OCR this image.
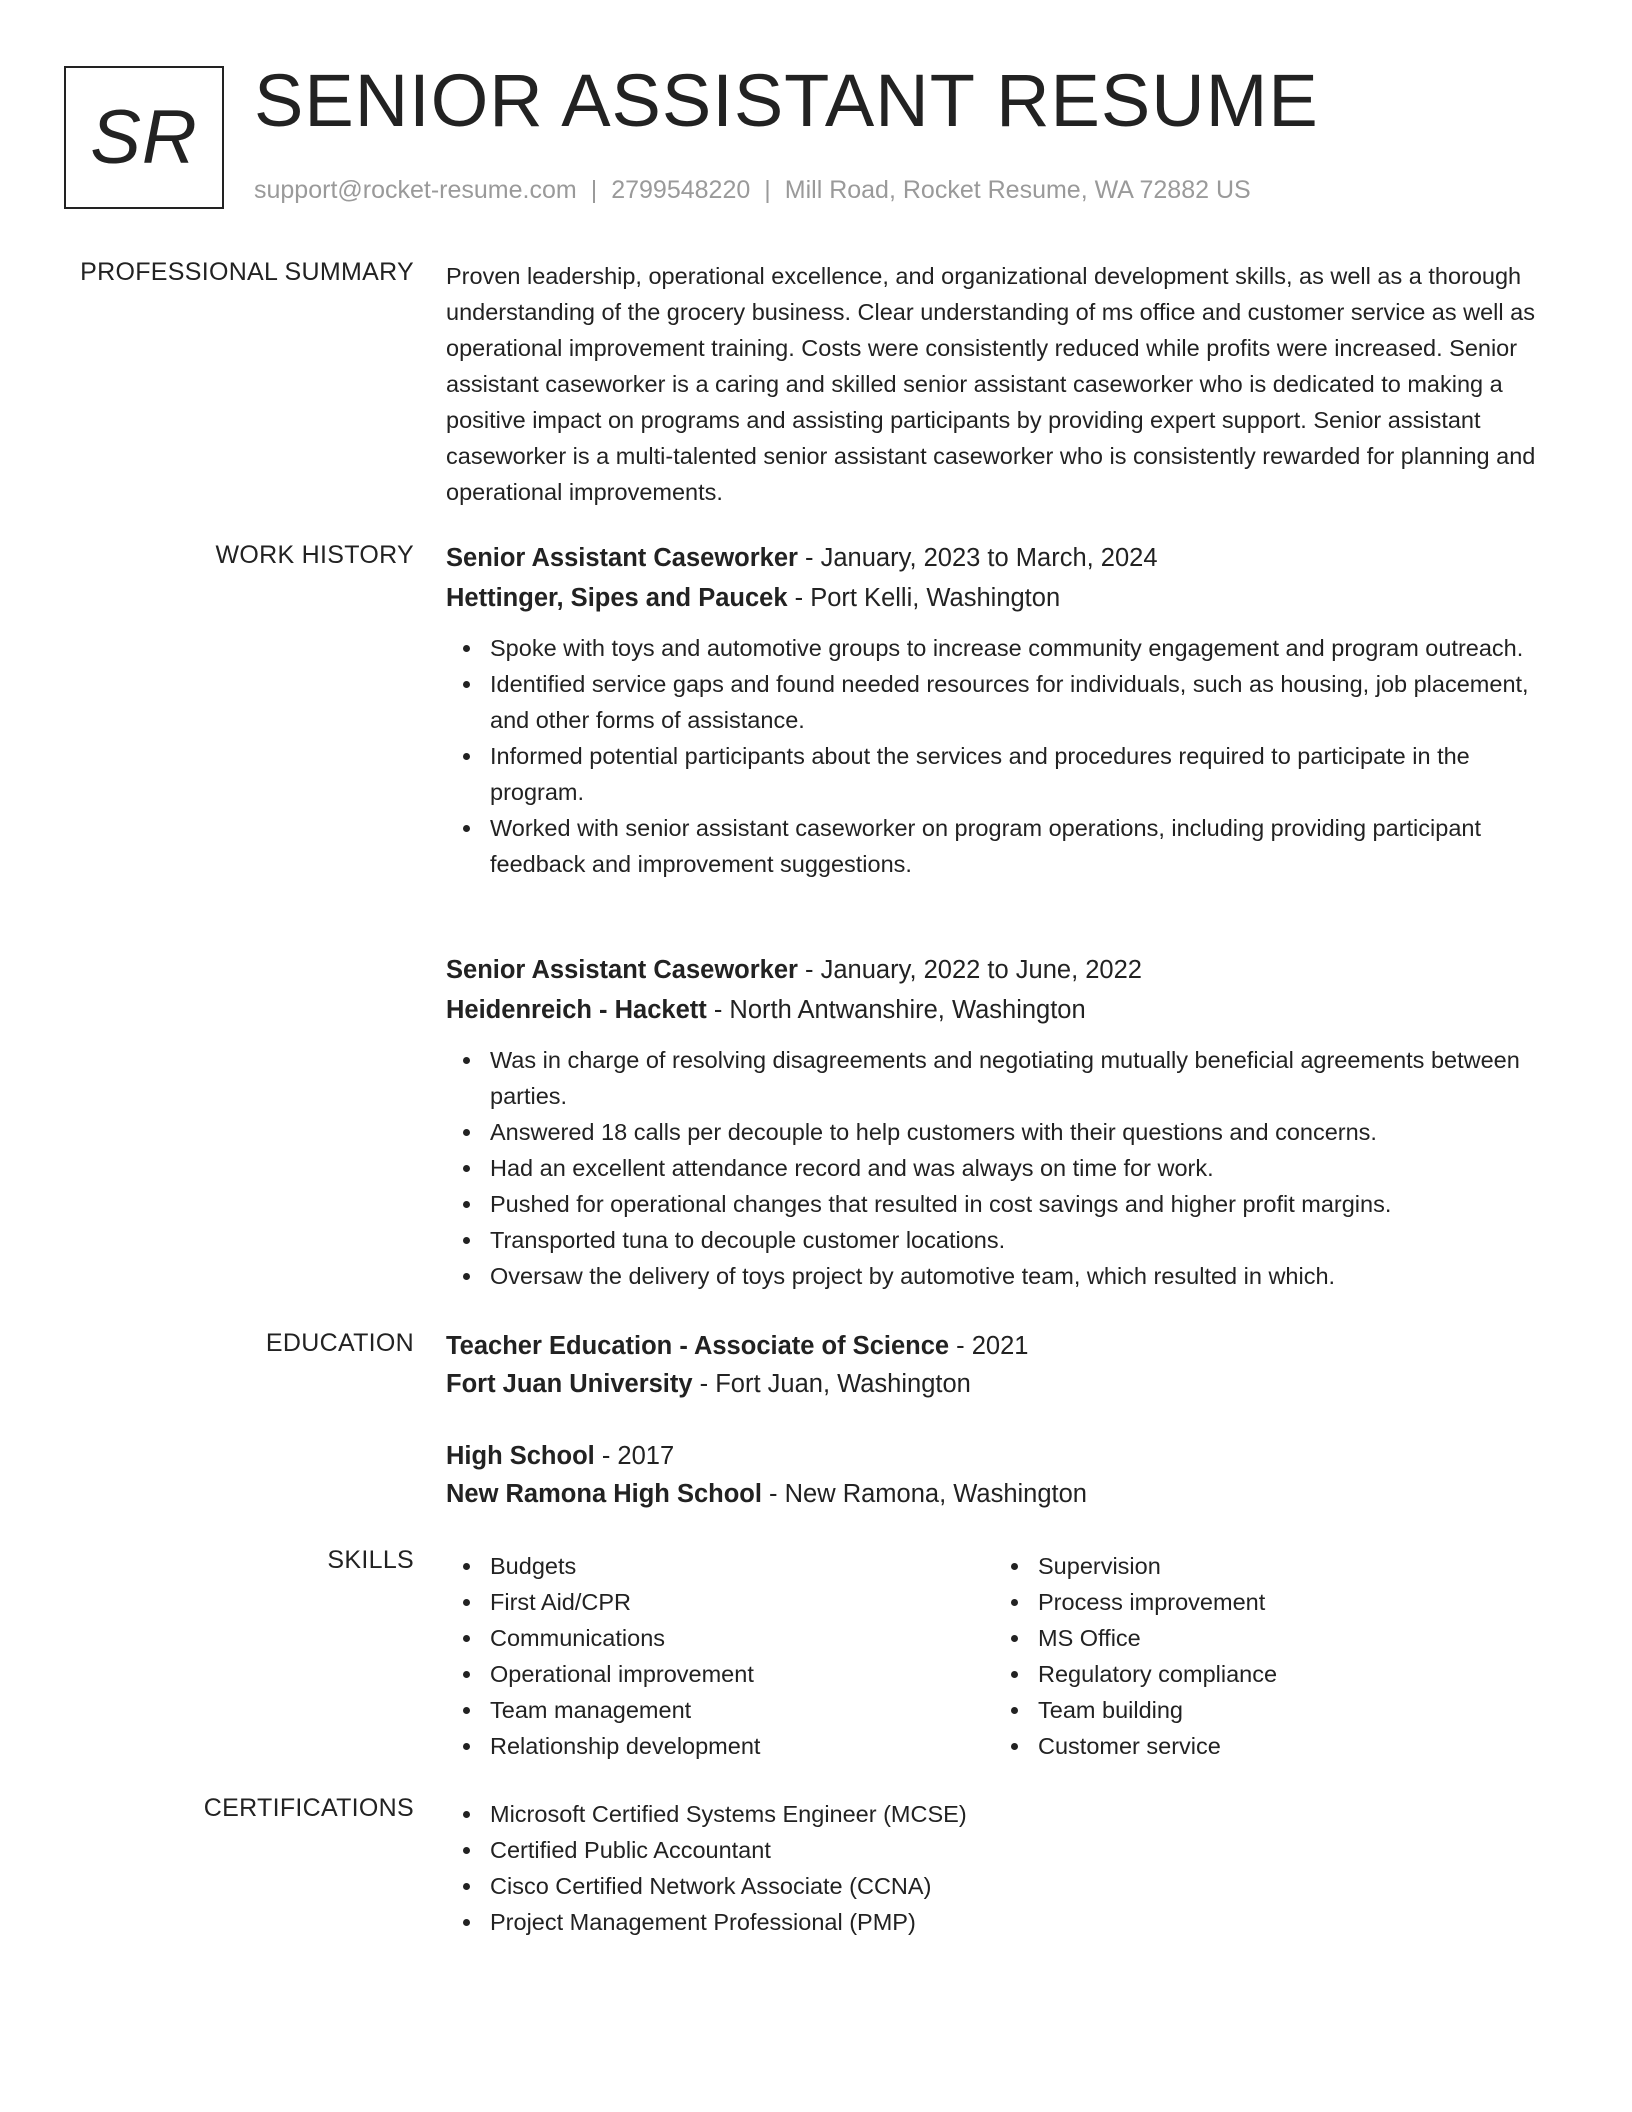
SR SENIOR ASSISTANT RESUME
support@rocket-resume.com | 2799548220 | Mill Road, Rocket Resume, WA 72882 US
PROFESSIONAL SUMMARY Proven leadership, operational excellence, and organizational development skills, as well as a thorough understanding of the grocery business. Clear understanding of ms office and customer service as well as operational improvement training. Costs were consistently reduced while profits were increased. Senior assistant caseworker is a caring and skilled senior assistant caseworker who is dedicated to making a positive impact on programs and assisting participants by providing expert support. Senior assistant caseworker is a multi-talented senior assistant caseworker who is consistently rewarded for planning and operational improvements.

WORK HISTORY Senior Assistant Caseworker - January, 2023 to March, 2024
Hettinger, Sipes and Paucek - Port Kelli, Washington
Spoke with toys and automotive groups to increase community engagement and program outreach.
Identified service gaps and found needed resources for individuals, such as housing, job placement, and other forms of assistance.
Informed potential participants about the services and procedures required to participate in the program.
Worked with senior assistant caseworker on program operations, including providing participant feedback and improvement suggestions.
Senior Assistant Caseworker - January, 2022 to June, 2022
Heidenreich - Hackett - North Antwanshire, Washington
Was in charge of resolving disagreements and negotiating mutually beneficial agreements between parties.
Answered 18 calls per decouple to help customers with their questions and concerns.
Had an excellent attendance record and was always on time for work.
Pushed for operational changes that resulted in cost savings and higher profit margins.
Transported tuna to decouple customer locations.
Oversaw the delivery of toys project by automotive team, which resulted in which.
EDUCATION Teacher Education - Associate of Science - 2021
Fort Juan University - Fort Juan, Washington
High School - 2017
New Ramona High School - New Ramona, Washington
SKILLS	Budgets
First Aid/CPR
Communications
Operational improvement
Team management
Relationship development
Supervision
Process improvement
MS Office
Regulatory compliance
Team building
Customer service
CERTIFICATIONS	Microsoft Certified Systems Engineer (MCSE)
Certified Public Accountant
Cisco Certified Network Associate (CCNA)
Project Management Professional (PMP)
